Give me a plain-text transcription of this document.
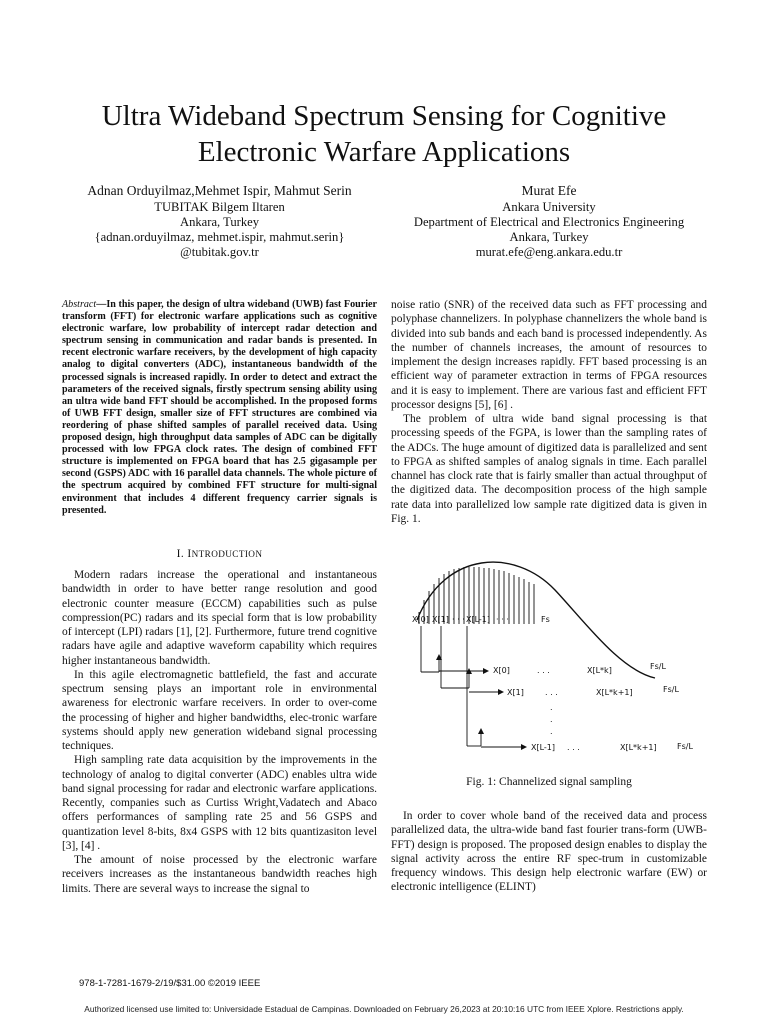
Ultra Wideband Spectrum Sensing for Cognitive
Electronic Warfare Applications
Adnan Orduyilmaz,Mehmet Ispir, Mahmut Serin
TUBITAK Bilgem Iltaren
Ankara, Turkey
{adnan.orduyilmaz, mehmet.ispir, mahmut.serin}
@tubitak.gov.tr
Murat Efe
Ankara University
Department of Electrical and Electronics Engineering
Ankara, Turkey
murat.efe@eng.ankara.edu.tr
Abstract—In this paper, the design of ultra wideband (UWB) fast Fourier transform (FFT) for electronic warfare applications such as cognitive electronic warfare, low probability of intercept radar detection and spectrum sensing in communication and radar bands is presented. In recent electronic warfare receivers, by the development of high capacity analog to digital converters (ADC), instantaneous bandwidth of the processed signals is increased rapidly. In order to detect and extract the parameters of the received signals, firstly spectrum sensing ability using an ultra wide band FFT should be accomplished. In the proposed forms of UWB FFT design, smaller size of FFT structures are combined via reordering of phase shifted samples of parallel received data. Using proposed design, high throughput data samples of ADC can be digitally processed with low FPGA clock rates. The design of combined FFT structure is implemented on FPGA board that has 2.5 gigasample per second (GSPS) ADC with 16 parallel data channels. The whole picture of the spectrum acquired by combined FFT structure for multi-signal environment that includes 4 different frequency carrier signals is presented.
I. INTRODUCTION

Modern radars increase the operational and instantaneous bandwidth in order to have better range resolution and good electronic counter measure (ECCM) capabilities such as pulse compression(PC) radars and its special form that is low probability of intercept (LPI) radars [1], [2]. Furthermore, future trend cognitive radars have agile and adaptive waveform capability which requires higher instantaneous bandwidth.

In this agile electromagnetic battlefield, the fast and accurate spectrum sensing plays an important role in environmental awareness for electronic warfare receivers. In order to over-come the processing of higher and higher bandwidths, elec-tronic warfare systems should apply new generation wideband signal processing techniques.

High sampling rate data acquisition by the improvements in the technology of analog to digital converter (ADC) enables ultra wide band signal processing for radar and electronic warfare applications. Recently, companies such as Curtiss Wright,Vadatech and Abaco offers performances of sampling rate 25 and 56 GSPS and quantization level 8-bits, 8x4 GSPS with 12 bits quantizasiton level [3], [4] .

The amount of noise processed by the electronic warfare receivers increases as the instantaneous bandwidth reaches high limits. There are several ways to increase the signal to

noise ratio (SNR) of the received data such as FFT processing and polyphase channelizers. In polyphase channelizers the whole band is divided into sub bands and each band is processed independently. As the number of channels increases, the amount of resources to implement the design increases rapidly. FFT based processing is an efficient way of parameter extraction in terms of FPGA resources and it is easy to implement. There are various fast and efficient FFT processor designs [5], [6] .

The problem of ultra wide band signal processing is that processing speeds of the FGPA, is lower than the sampling rates of the ADCs. The huge amount of digitized data is parallelized and sent to FPGA as shifted samples of analog signals in time. Each parallel channel has clock rate that is fairly smaller than actual throughput of the digitized data. The decomposition process of the high sample rate data into parallelized low sample rate digitized data is given in Fig. 1.

X[0] X[1] · · · X[L-1] · · ·	Fs
X[0]	. . .	X[L*k]	Fs/L
X[1]	. . .	X[L*k+1]	Fs/L
.
.
.
X[L-1] . . .	X[L*k+1]	Fs/L
Fig. 1: Channelized signal sampling

In order to cover whole band of the received data and process parallelized data, the ultra-wide band fast fourier trans-form (UWB-FFT) design is proposed. The proposed design enables to display the signal activity across the entire RF spec-trum in customizable frequency windows. This design help electronic warfare (EW) or electronic intelligence (ELINT)

978-1-7281-1679-2/19/$31.00 ©2019 IEEE
Authorized licensed use limited to: Universidade Estadual de Campinas. Downloaded on February 26,2023 at 20:10:16 UTC from IEEE Xplore. Restrictions apply.
